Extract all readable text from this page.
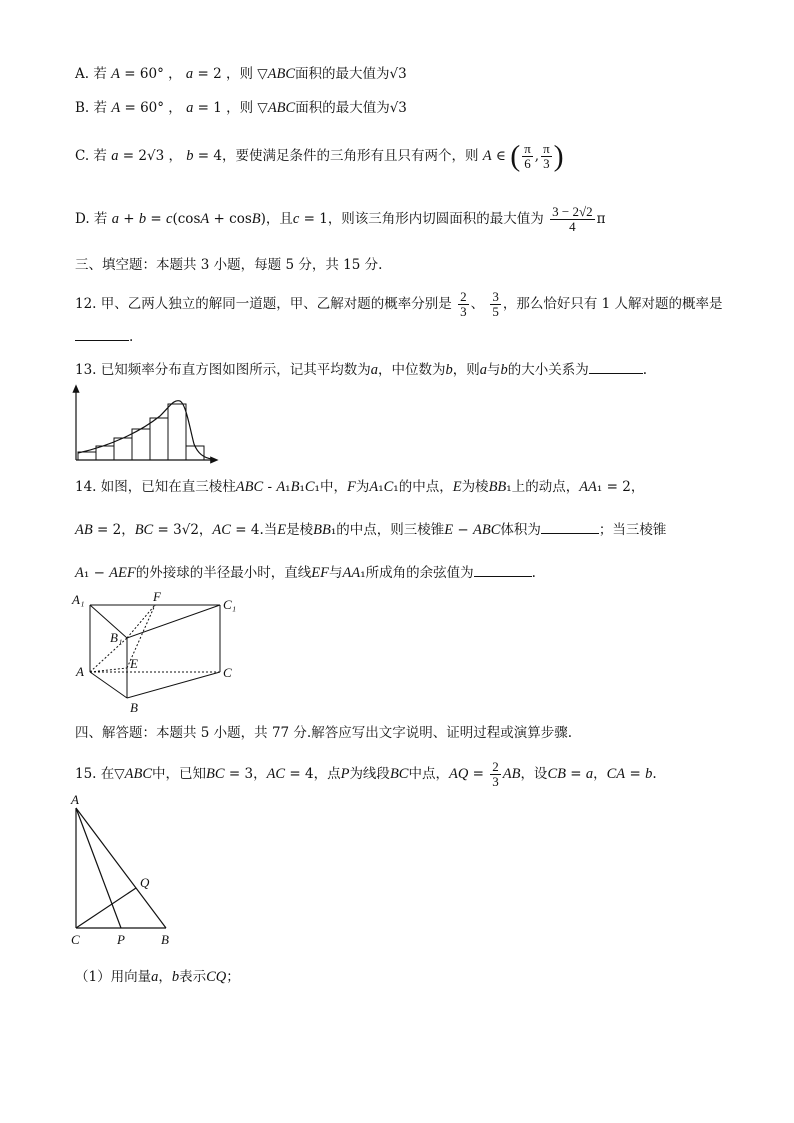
A. 若 A = 60° ， a = 2 ，则 ▽ABC面积的最大值为√3
B. 若 A = 60° ， a = 1 ，则 ▽ABC面积的最大值为√3
C. 若 a = 2√3 ， b = 4，要使满足条件的三角形有且只有两个，则 A ∈ ( $\frac{\pi}{6}$ , $\frac{\pi}{3}$ )
D. 若 a + b = c(cosA + cosB)，且c = 1，则该三角形内切圆面积的最大值为 $\frac{3 - 2√2}{4}$ π
三、填空题：本题共 3 小题，每题 5 分，共 15 分.
12. 甲、乙两人独立的解同一道题，甲、乙解对题的概率分别是 $\frac{2}{3}$ 、 $\frac{3}{5}$ ，那么恰好只有 1 人解对题的概率是
.
13. 已知频率分布直方图如图所示，记其平均数为a，中位数为b，则a与b的大小关系为	.
14. 如图，已知在直三棱柱ABC - A₁B₁C₁中，F为A₁C₁的中点，E为棱BB₁上的动点，AA₁ = 2，
AB = 2，BC = 3√2，AC = 4.当E是棱BB₁的中点，则三棱锥E − ABC体积为	；当三棱锥
A₁ − AEF的外接球的半径最小时，直线EF与AA₁所成角的余弦值为	.
A₁	F
C₁
B₁
A
E
C
B
四、解答题：本题共 5 小题，共 77 分.解答应写出文字说明、证明过程或演算步骤.
15. 在▽ABC中，已知BC = 3，AC = 4，点P为线段BC中点，AQ = $\frac{2}{3}$ AB，设CB = a，CA = b.
A
Q
C	P	B
（1）用向量a，b表示CQ；
